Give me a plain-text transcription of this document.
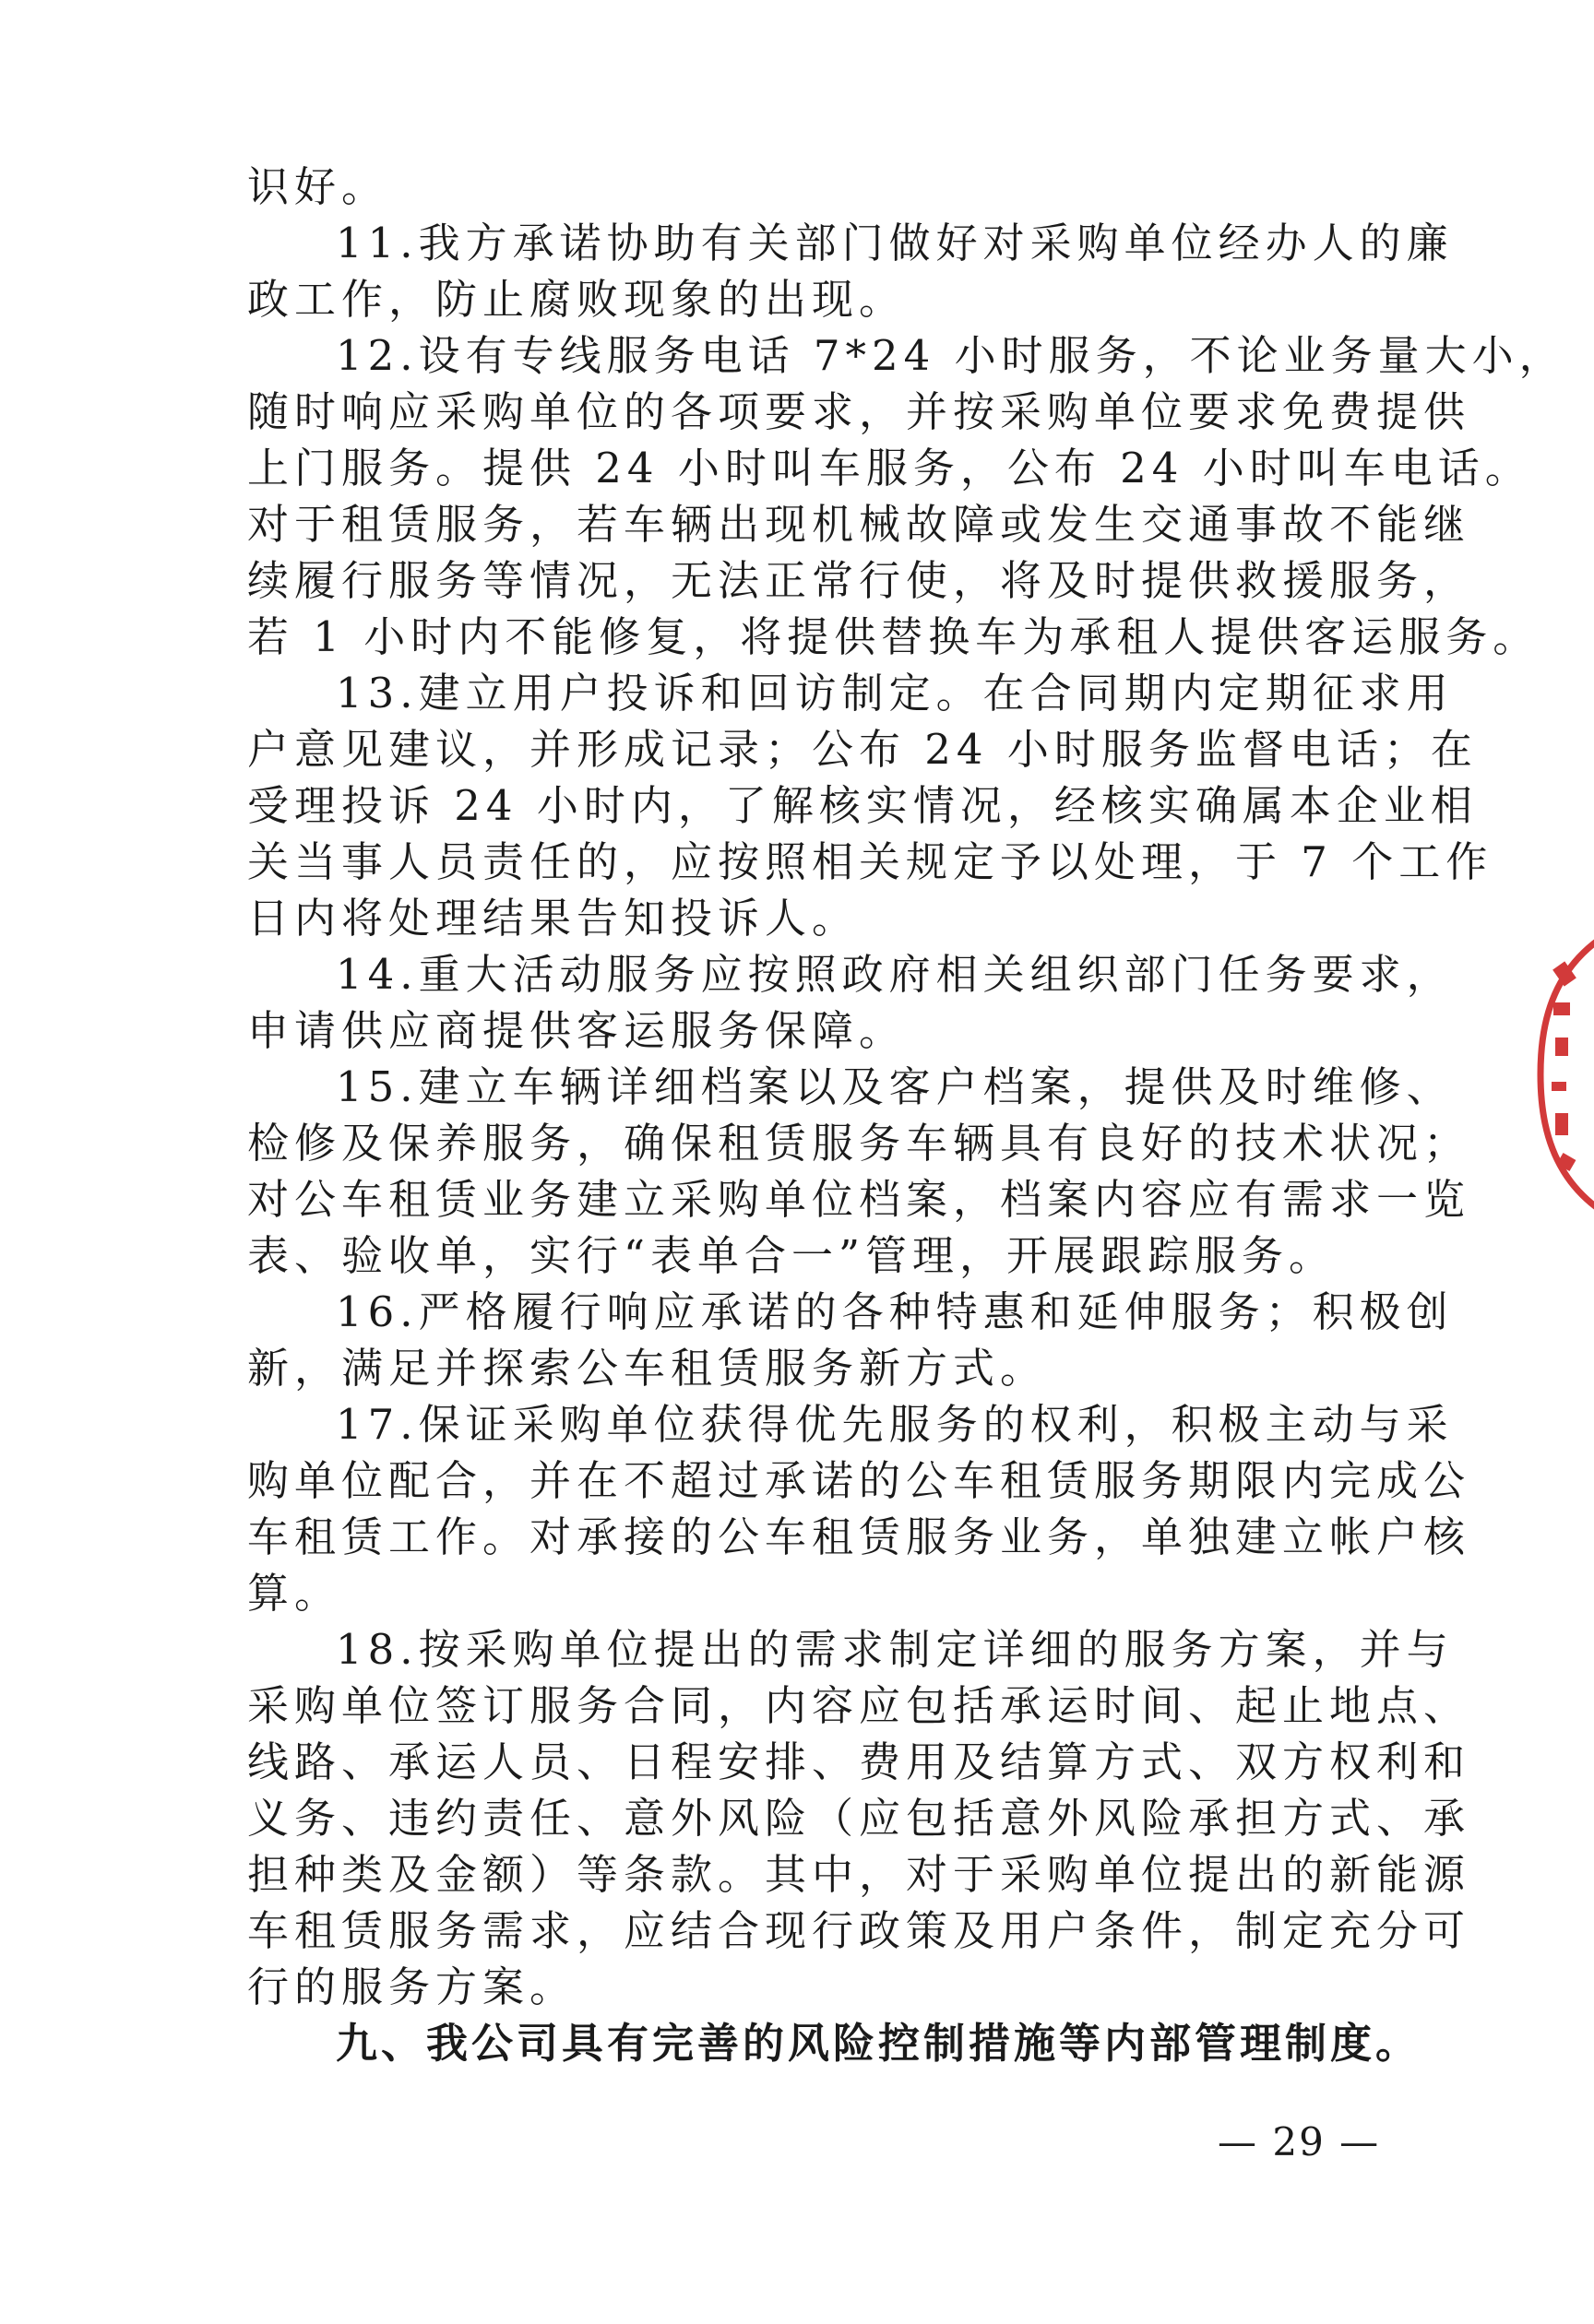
识好。
11.我方承诺协助有关部门做好对采购单位经办人的廉
政工作，防止腐败现象的出现。
12.设有专线服务电话 7*24 小时服务，不论业务量大小，
随时响应采购单位的各项要求，并按采购单位要求免费提供
上门服务。提供 24 小时叫车服务，公布 24 小时叫车电话。
对于租赁服务，若车辆出现机械故障或发生交通事故不能继
续履行服务等情况，无法正常行使，将及时提供救援服务，
若 1 小时内不能修复，将提供替换车为承租人提供客运服务。
13.建立用户投诉和回访制定。在合同期内定期征求用
户意见建议，并形成记录；公布 24 小时服务监督电话；在
受理投诉 24 小时内，了解核实情况，经核实确属本企业相
关当事人员责任的，应按照相关规定予以处理，于 7 个工作
日内将处理结果告知投诉人。
14.重大活动服务应按照政府相关组织部门任务要求，
申请供应商提供客运服务保障。
15.建立车辆详细档案以及客户档案，提供及时维修、
检修及保养服务，确保租赁服务车辆具有良好的技术状况；
对公车租赁业务建立采购单位档案，档案内容应有需求一览
表、验收单，实行“表单合一”管理，开展跟踪服务。
16.严格履行响应承诺的各种特惠和延伸服务；积极创
新，满足并探索公车租赁服务新方式。
17.保证采购单位获得优先服务的权利，积极主动与采
购单位配合，并在不超过承诺的公车租赁服务期限内完成公
车租赁工作。对承接的公车租赁服务业务，单独建立帐户核
算。
18.按采购单位提出的需求制定详细的服务方案，并与
采购单位签订服务合同，内容应包括承运时间、起止地点、
线路、承运人员、日程安排、费用及结算方式、双方权利和
义务、违约责任、意外风险（应包括意外风险承担方式、承
担种类及金额）等条款。其中，对于采购单位提出的新能源
车租赁服务需求，应结合现行政策及用户条件，制定充分可
行的服务方案。
九、我公司具有完善的风险控制措施等内部管理制度。
— 29 —
